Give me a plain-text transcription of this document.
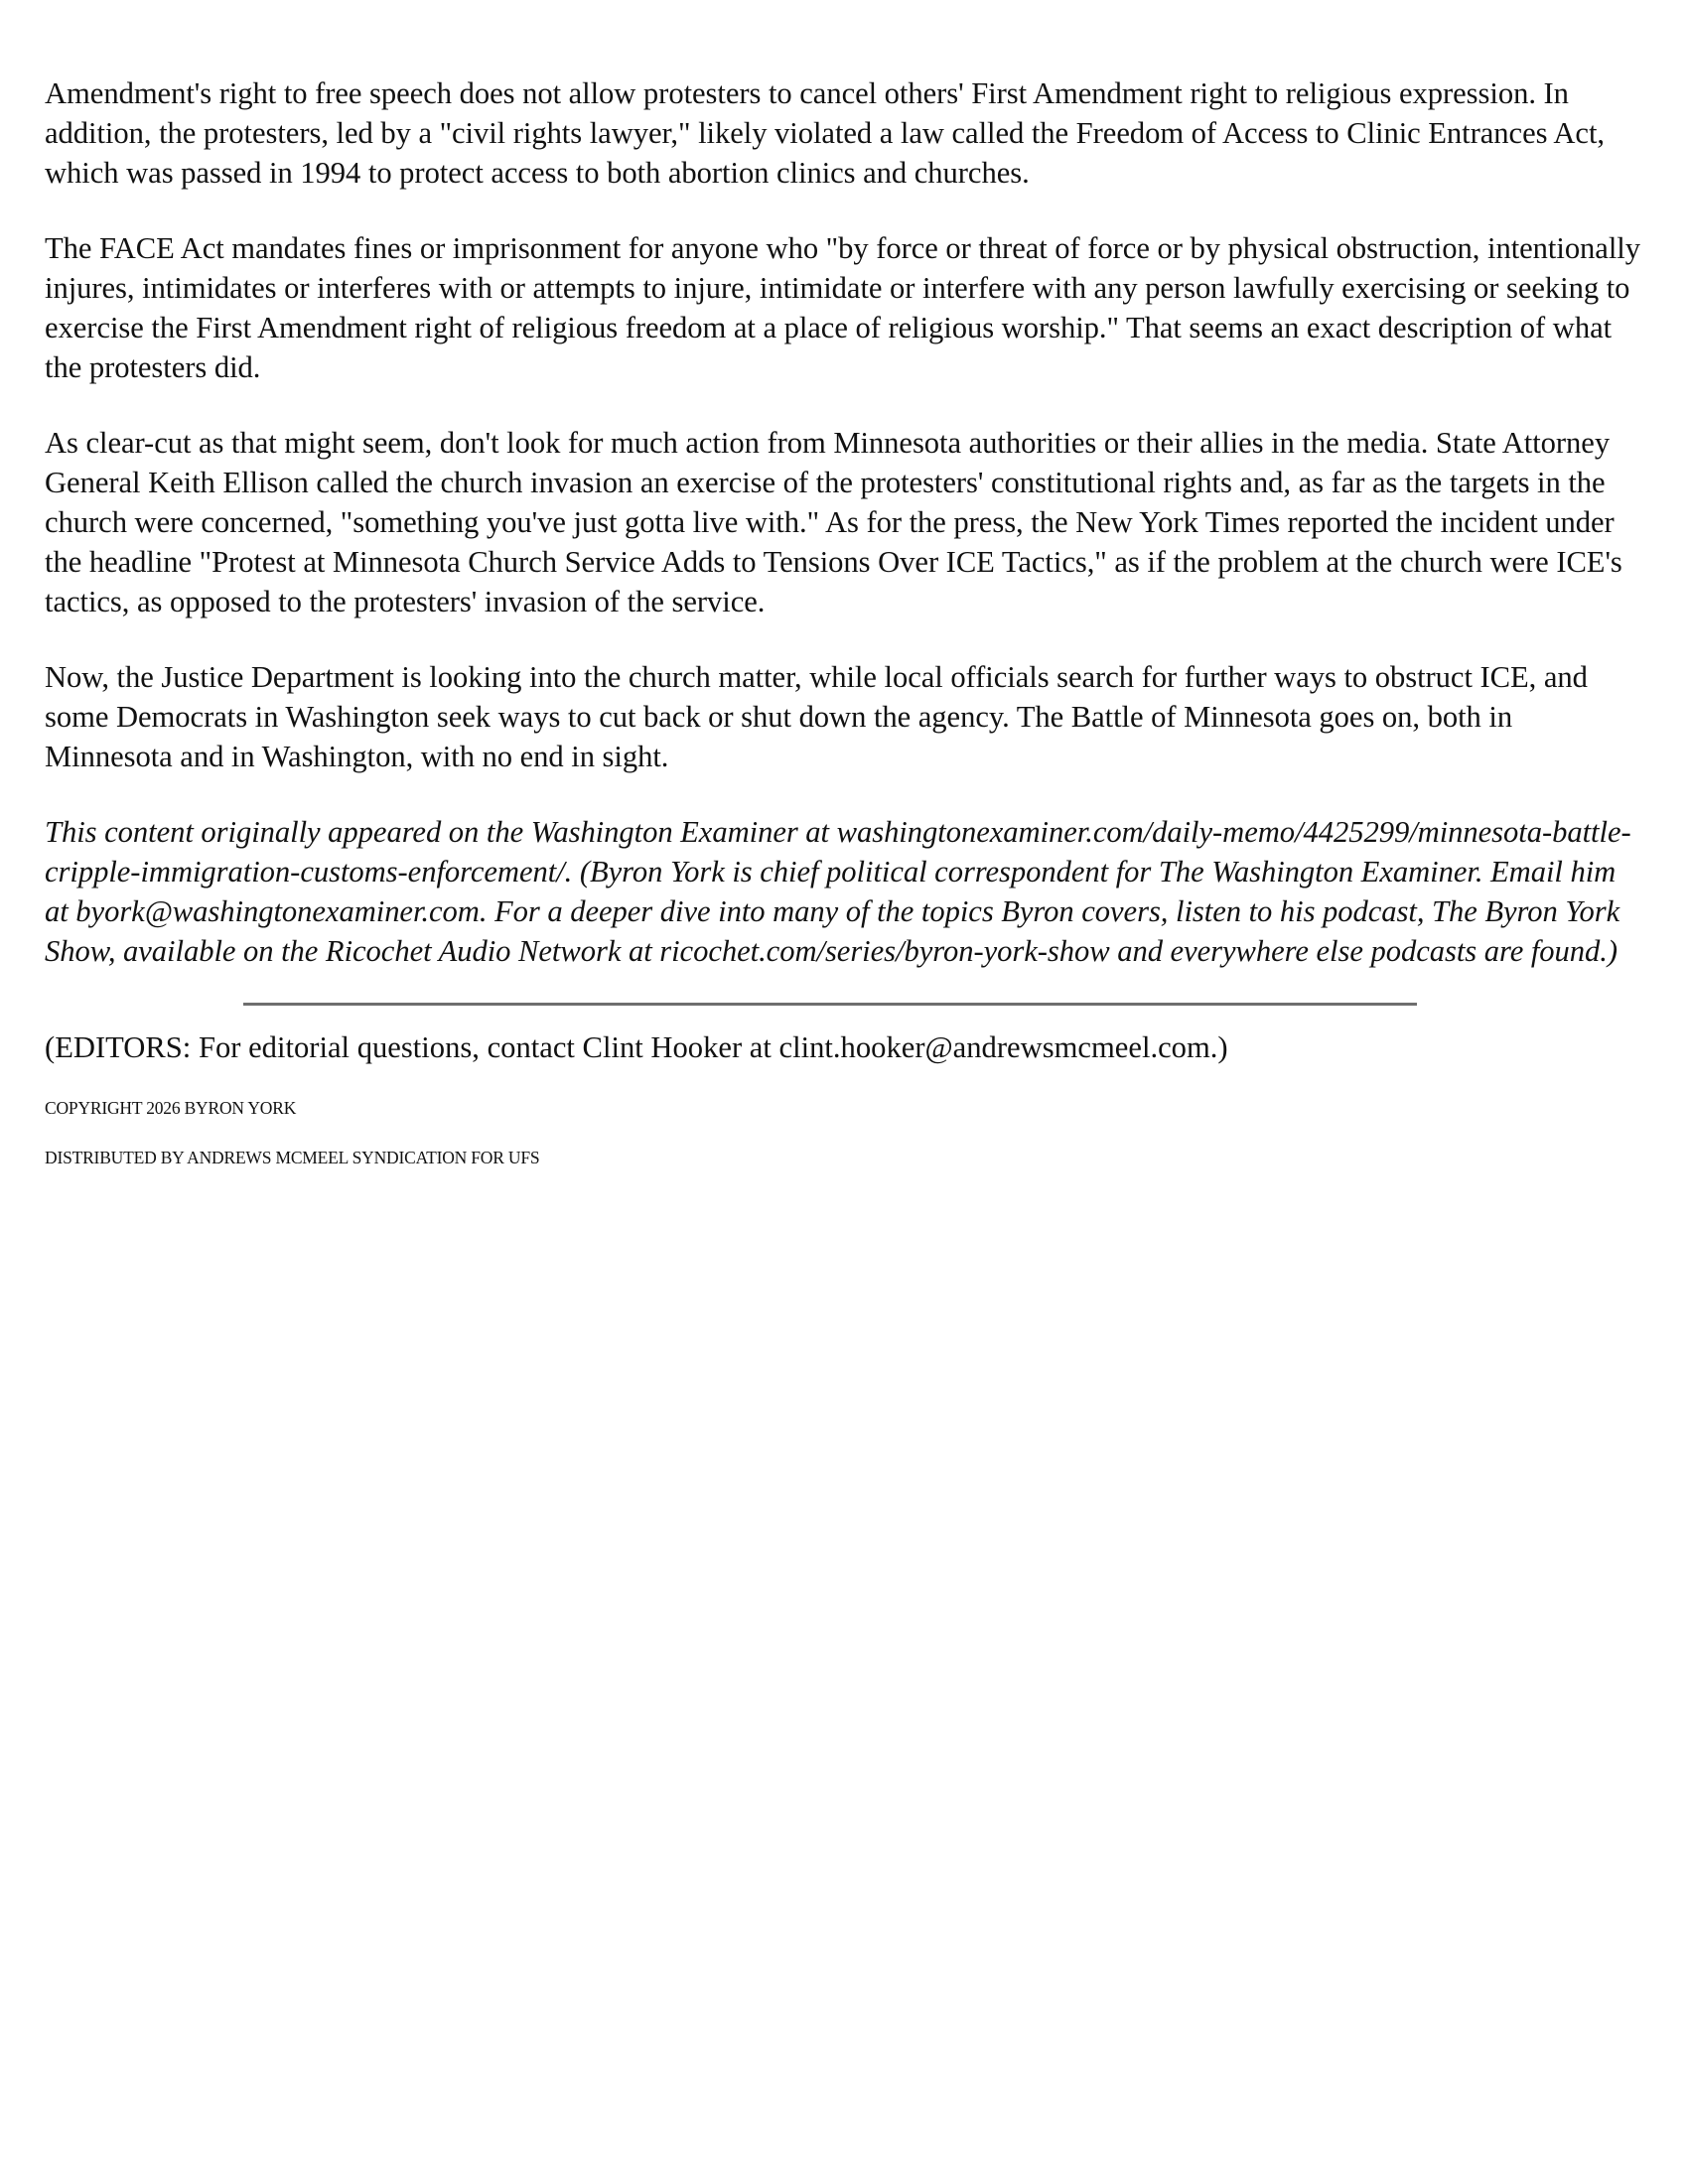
Amendment's right to free speech does not allow protesters to cancel others' First Amendment right to religious expression. In addition, the protesters, led by a "civil rights lawyer," likely violated a law called the Freedom of Access to Clinic Entrances Act, which was passed in 1994 to protect access to both abortion clinics and churches.

The FACE Act mandates fines or imprisonment for anyone who "by force or threat of force or by physical obstruction, intentionally injures, intimidates or interferes with or attempts to injure, intimidate or interfere with any person lawfully exercising or seeking to exercise the First Amendment right of religious freedom at a place of religious worship." That seems an exact description of what the protesters did.

As clear-cut as that might seem, don't look for much action from Minnesota authorities or their allies in the media. State Attorney General Keith Ellison called the church invasion an exercise of the protesters' constitutional rights and, as far as the targets in the church were concerned, "something you've just gotta live with." As for the press, the New York Times reported the incident under the headline "Protest at Minnesota Church Service Adds to Tensions Over ICE Tactics," as if the problem at the church were ICE's tactics, as opposed to the protesters' invasion of the service.

Now, the Justice Department is looking into the church matter, while local officials search for further ways to obstruct ICE, and some Democrats in Washington seek ways to cut back or shut down the agency. The Battle of Minnesota goes on, both in Minnesota and in Washington, with no end in sight.

This content originally appeared on the Washington Examiner at washingtonexaminer.com/daily-memo/4425299/minnesota-battle-cripple-immigration-customs-enforcement/. (Byron York is chief political correspondent for The Washington Examiner. Email him at byork@washingtonexaminer.com. For a deeper dive into many of the topics Byron covers, listen to his podcast, The Byron York Show, available on the Ricochet Audio Network at ricochet.com/series/byron-york-show and everywhere else podcasts are found.)

(EDITORS: For editorial questions, contact Clint Hooker at clint.hooker@andrewsmcmeel.com.)

COPYRIGHT 2026 BYRON YORK

DISTRIBUTED BY ANDREWS MCMEEL SYNDICATION FOR UFS
